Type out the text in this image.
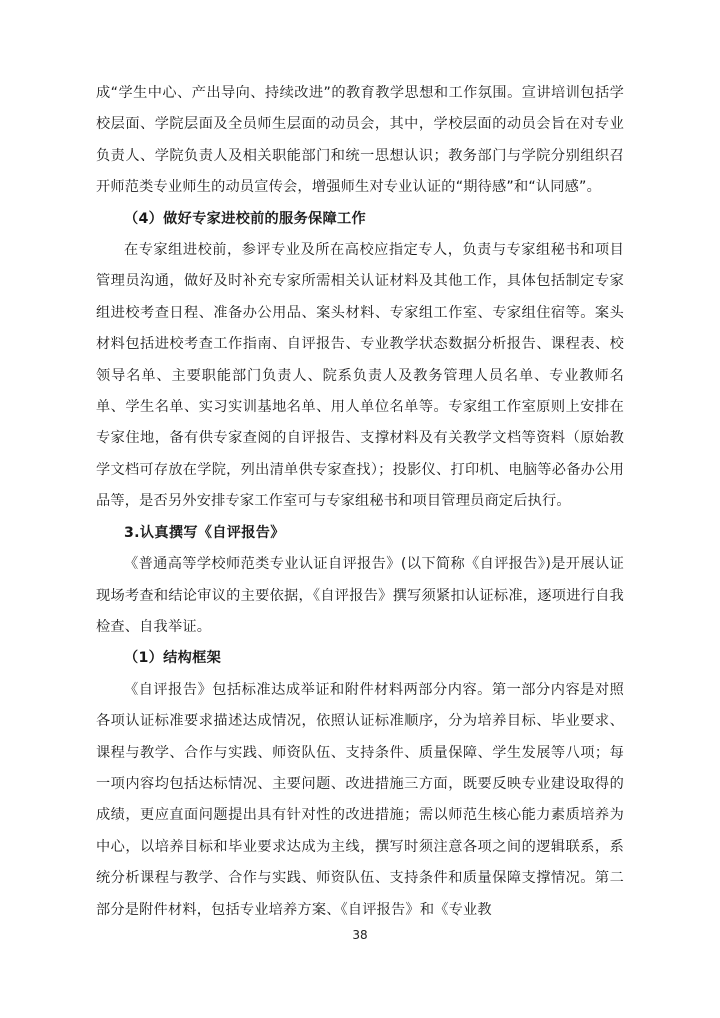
成“学生中心、产出导向、持续改进”的教育教学思想和工作氛围。宣讲培训包括学校层面、学院层面及全员师生层面的动员会，其中，学校层面的动员会旨在对专业负责人、学院负责人及相关职能部门和统一思想认识；教务部门与学院分别组织召开师范类专业师生的动员宣传会，增强师生对专业认证的“期待感”和“认同感”。

（4）做好专家进校前的服务保障工作

在专家组进校前，参评专业及所在高校应指定专人，负责与专家组秘书和项目管理员沟通，做好及时补充专家所需相关认证材料及其他工作，具体包括制定专家组进校考查日程、准备办公用品、案头材料、专家组工作室、专家组住宿等。案头材料包括进校考查工作指南、自评报告、专业教学状态数据分析报告、课程表、校领导名单、主要职能部门负责人、院系负责人及教务管理人员名单、专业教师名单、学生名单、实习实训基地名单、用人单位名单等。专家组工作室原则上安排在专家住地，备有供专家查阅的自评报告、支撑材料及有关教学文档等资料（原始教学文档可存放在学院，列出清单供专家查找）；投影仪、打印机、电脑等必备办公用品等，是否另外安排专家工作室可与专家组秘书和项目管理员商定后执行。

3.认真撰写《自评报告》

《普通高等学校师范类专业认证自评报告》(以下简称《自评报告》)是开展认证现场考查和结论审议的主要依据，《自评报告》撰写须紧扣认证标准，逐项进行自我检查、自我举证。

（1）结构框架

《自评报告》包括标准达成举证和附件材料两部分内容。第一部分内容是对照各项认证标准要求描述达成情况，依照认证标准顺序，分为培养目标、毕业要求、课程与教学、合作与实践、师资队伍、支持条件、质量保障、学生发展等八项；每一项内容均包括达标情况、主要问题、改进措施三方面，既要反映专业建设取得的成绩，更应直面问题提出具有针对性的改进措施；需以师范生核心能力素质培养为中心，以培养目标和毕业要求达成为主线，撰写时须注意各项之间的逻辑联系，系统分析课程与教学、合作与实践、师资队伍、支持条件和质量保障支撑情况。第二部分是附件材料，包括专业培养方案、《自评报告》和《专业教

38
